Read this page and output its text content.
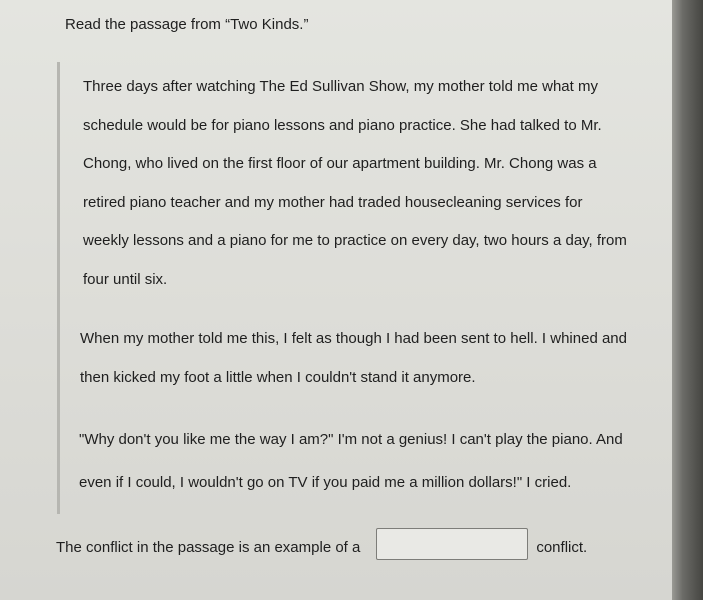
Read the passage from “Two Kinds.”
Three days after watching The Ed Sullivan Show, my mother told me what my
schedule would be for piano lessons and piano practice. She had talked to Mr.
Chong, who lived on the first floor of our apartment building. Mr. Chong was a
retired piano teacher and my mother had traded housecleaning services for
weekly lessons and a piano for me to practice on every day, two hours a day, from
four until six.
When my mother told me this, I felt as though I had been sent to hell. I whined and
then kicked my foot a little when I couldn't stand it anymore.
"Why don't you like me the way I am?" I'm not a genius! I can't play the piano. And
even if I could, I wouldn't go on TV if you paid me a million dollars!" I cried.
The conflict in the passage is an example of a	conflict.
